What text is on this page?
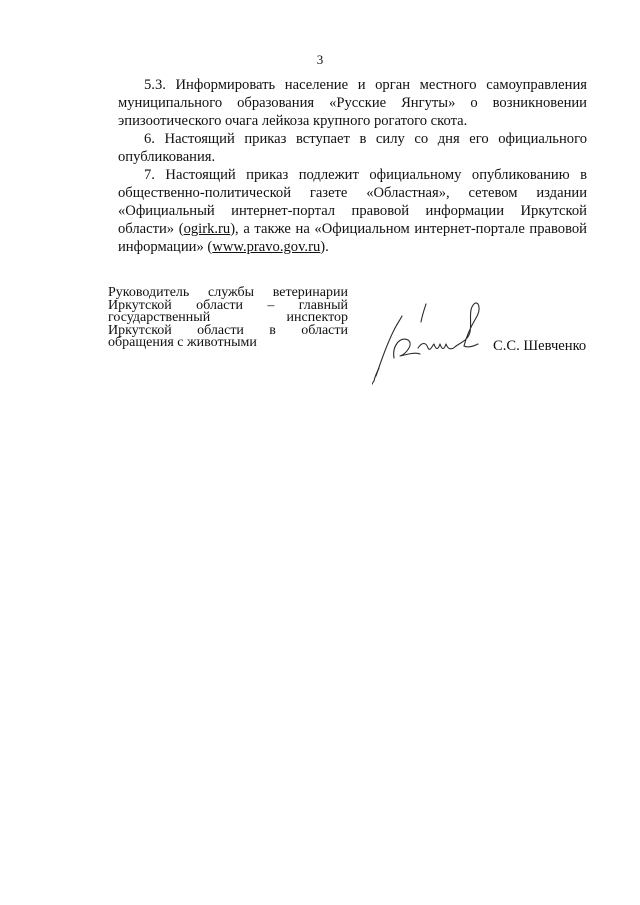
3

5.3. Информировать население и орган местного самоуправления муниципального образования «Русские Янгуты» о возникновении эпизоотического очага лейкоза крупного рогатого скота.

6. Настоящий приказ вступает в силу со дня его официального опубликования.

7. Настоящий приказ подлежит официальному опубликованию в общественно-политической газете «Областная», сетевом издании «Официальный интернет-портал правовой информации Иркутской области» (ogirk.ru), а также на «Официальном интернет-портале правовой информации» (www.pravo.gov.ru).

Руководитель службы ветеринарии
Иркутской области – главный
государственный инспектор
Иркутской области в области
обращения с животными	С.С. Шевченко
